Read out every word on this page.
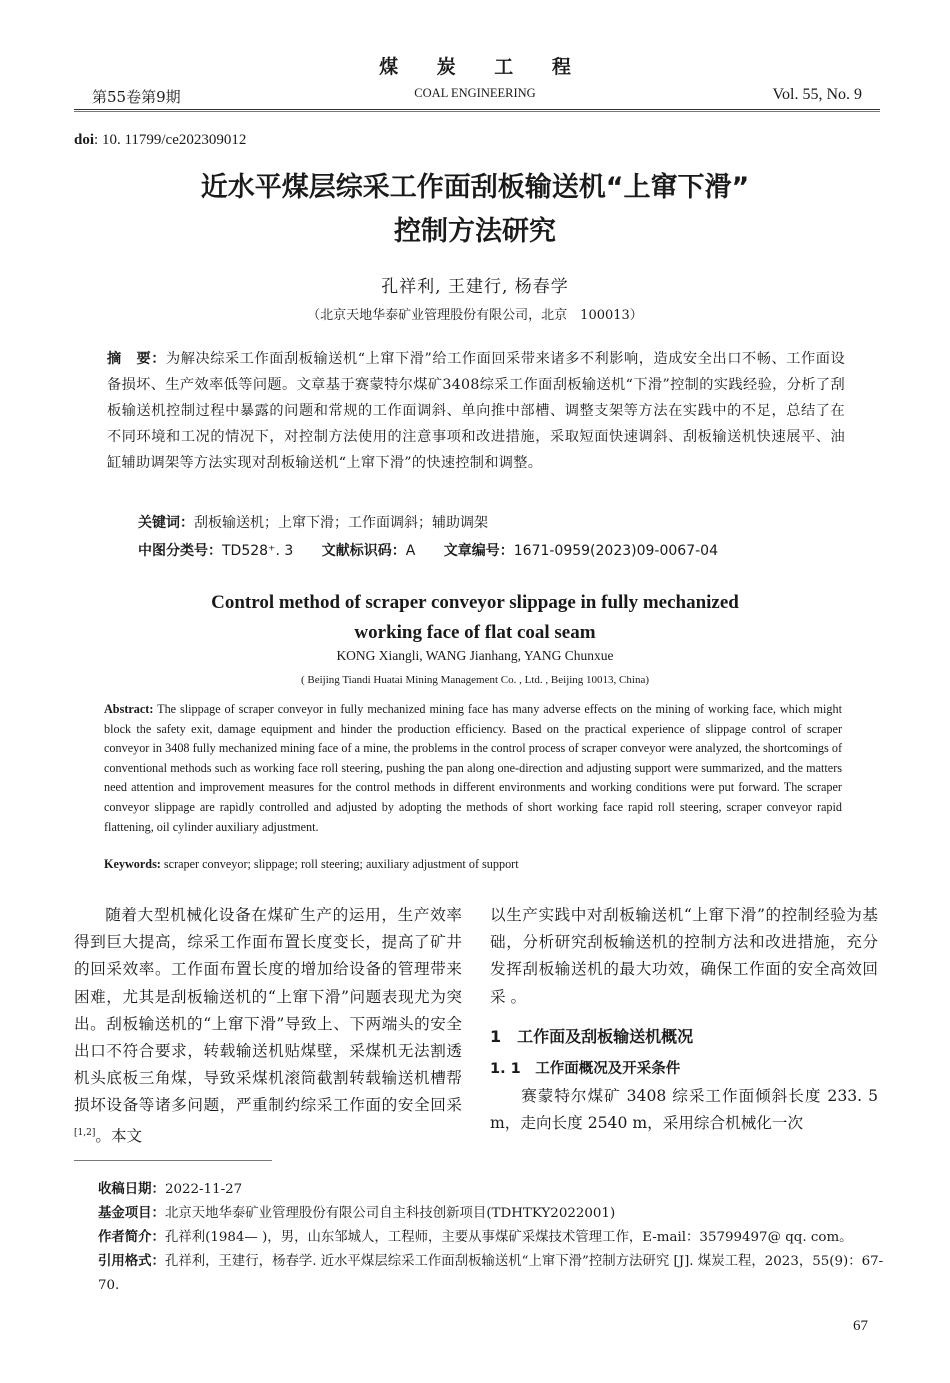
煤 炭 工 程
COAL ENGINEERING
第55卷第9期	Vol. 55, No. 9
doi: 10. 11799/ce202309012
近水平煤层综采工作面刮板输送机“上窜下滑”
控制方法研究
孔祥利, 王建行, 杨春学
（北京天地华泰矿业管理股份有限公司，北京　100013）
摘　要：为解决综采工作面刮板输送机“上窜下滑”给工作面回采带来诸多不利影响，造成安全出口不畅、工作面设备损坏、生产效率低等问题。文章基于赛蒙特尔煤矿3408综采工作面刮板输送机“下滑”控制的实践经验，分析了刮板输送机控制过程中暴露的问题和常规的工作面调斜、单向推中部槽、调整支架等方法在实践中的不足，总结了在不同环境和工况的情况下，对控制方法使用的注意事项和改进措施，采取短面快速调斜、刮板输送机快速展平、油缸辅助调架等方法实现对刮板输送机“上窜下滑”的快速控制和调整。
关键词：刮板输送机；上窜下滑；工作面调斜；辅助调架
中图分类号：TD528⁺. 3 文献标识码：A 文章编号：1671-0959(2023)09-0067-04
Control method of scraper conveyor slippage in fully mechanized
working face of flat coal seam
KONG Xiangli, WANG Jianhang, YANG Chunxue
( Beijing Tiandi Huatai Mining Management Co. , Ltd. , Beijing 10013, China)
Abstract: The slippage of scraper conveyor in fully mechanized mining face has many adverse effects on the mining of working face, which might block the safety exit, damage equipment and hinder the production efficiency. Based on the practical experience of slippage control of scraper conveyor in 3408 fully mechanized mining face of a mine, the problems in the control process of scraper conveyor were analyzed, the shortcomings of conventional methods such as working face roll steering, pushing the pan along one-direction and adjusting support were summarized, and the matters need attention and improvement measures for the control methods in different environments and working conditions were put forward. The scraper conveyor slippage are rapidly controlled and adjusted by adopting the methods of short working face rapid roll steering, scraper conveyor rapid flattening, oil cylinder auxiliary adjustment.
Keywords: scraper conveyor; slippage; roll steering; auxiliary adjustment of support
随着大型机械化设备在煤矿生产的运用，生产效率得到巨大提高，综采工作面布置长度变长，提高了矿井的回采效率。工作面布置长度的增加给设备的管理带来困难，尤其是刮板输送机的“上窜下滑”问题表现尤为突出。刮板输送机的“上窜下滑”导致上、下两端头的安全出口不符合要求，转载输送机贴煤壁，采煤机无法割透机头底板三角煤，导致采煤机滚筒截割转载输送机槽帮损坏设备等诸多问题，严重制约综采工作面的安全回采[1,2]。本文
以生产实践中对刮板输送机“上窜下滑”的控制经验为基础，分析研究刮板输送机的控制方法和改进措施，充分发挥刮板输送机的最大功效，确保工作面的安全高效回采 。
1　工作面及刮板输送机概况
1. 1　工作面概况及开采条件
赛蒙特尔煤矿 3408 综采工作面倾斜长度 233. 5 m，走向长度 2540 m，采用综合机械化一次
收稿日期：2022-11-27
基金项目：北京天地华泰矿业管理股份有限公司自主科技创新项目(TDHTKY2022001)
作者简介：孔祥利(1984— )，男，山东邹城人，工程师，主要从事煤矿采煤技术管理工作，E-mail：35799497@ qq. com。
引用格式：孔祥利，王建行，杨春学. 近水平煤层综采工作面刮板输送机“上窜下滑”控制方法研究 [J]. 煤炭工程，2023，55(9)：67-70.
67
